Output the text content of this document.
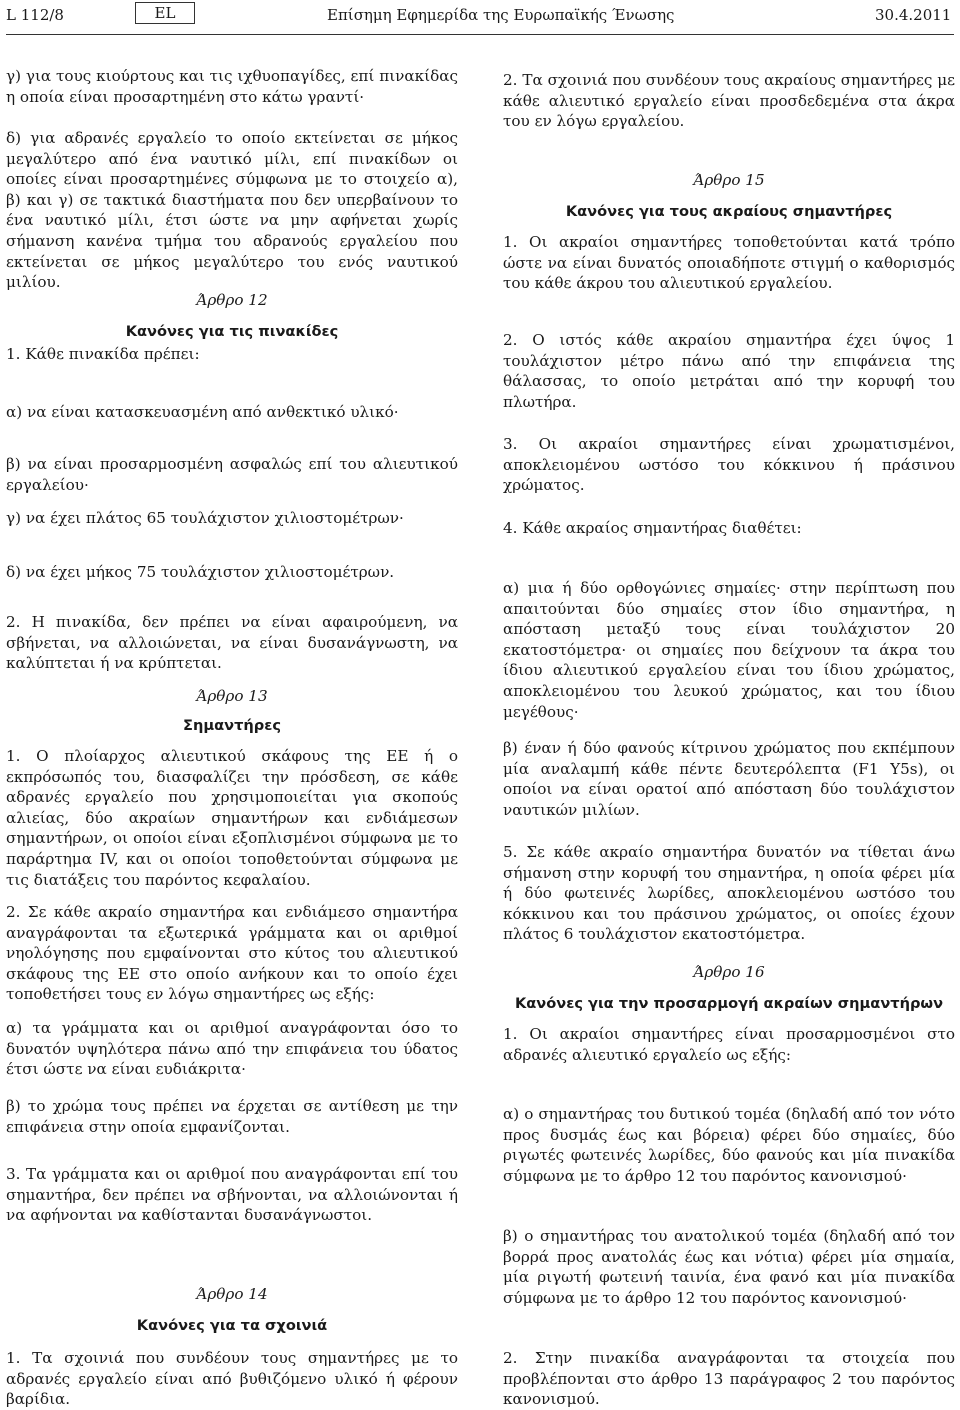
L 112/8	EL	Επίσημη Εφημερίδα της Ευρωπαϊκής Ένωσης	30.4.2011

γ) για τους κιούρτους και τις ιχθυοπαγίδες, επί πινακίδας η οποία είναι προσαρτημένη στο κάτω γραντί·

δ) για αδρανές εργαλείο το οποίο εκτείνεται σε μήκος μεγαλύτερο από ένα ναυτικό μίλι, επί πινακίδων οι οποίες είναι προσαρτημένες σύμφωνα με το στοιχείο α), β) και γ) σε τακτικά διαστήματα που δεν υπερβαίνουν το ένα ναυτικό μίλι, έτσι ώστε να μην αφήνεται χωρίς σήμανση κανένα τμήμα του αδρανούς εργαλείου που εκτείνεται σε μήκος μεγαλύτερο του ενός ναυτικού μιλίου.

Άρθρο 12

Κανόνες για τις πινακίδες

1. Κάθε πινακίδα πρέπει:

α) να είναι κατασκευασμένη από ανθεκτικό υλικό·

β) να είναι προσαρμοσμένη ασφαλώς επί του αλιευτικού εργαλείου·

γ) να έχει πλάτος 65 τουλάχιστον χιλιοστομέτρων·

δ) να έχει μήκος 75 τουλάχιστον χιλιοστομέτρων.

2. Η πινακίδα, δεν πρέπει να είναι αφαιρούμενη, να σβήνεται, να αλλοιώνεται, να είναι δυσανάγνωστη, να καλύπτεται ή να κρύπτεται.

Άρθρο 13

Σημαντήρες

1. Ο πλοίαρχος αλιευτικού σκάφους της ΕΕ ή ο εκπρόσωπός του, διασφαλίζει την πρόσδεση, σε κάθε αδρανές εργαλείο που χρησιμοποιείται για σκοπούς αλιείας, δύο ακραίων σημαντήρων και ενδιάμεσων σημαντήρων, οι οποίοι είναι εξοπλισμένοι σύμφωνα με το παράρτημα IV, και οι οποίοι τοποθετούνται σύμφωνα με τις διατάξεις του παρόντος κεφαλαίου.

2. Σε κάθε ακραίο σημαντήρα και ενδιάμεσο σημαντήρα αναγράφονται τα εξωτερικά γράμματα και οι αριθμοί νηολόγησης που εμφαίνονται στο κύτος του αλιευτικού σκάφους της ΕΕ στο οποίο ανήκουν και το οποίο έχει τοποθετήσει τους εν λόγω σημαντήρες ως εξής:

α) τα γράμματα και οι αριθμοί αναγράφονται όσο το δυνατόν υψηλότερα πάνω από την επιφάνεια του ύδατος έτσι ώστε να είναι ευδιάκριτα·

β) το χρώμα τους πρέπει να έρχεται σε αντίθεση με την επιφάνεια στην οποία εμφανίζονται.

3. Τα γράμματα και οι αριθμοί που αναγράφονται επί του σημαντήρα, δεν πρέπει να σβήνονται, να αλλοιώνονται ή να αφήνονται να καθίστανται δυσανάγνωστοι.

Άρθρο 14

Κανόνες για τα σχοινιά

1. Τα σχοινιά που συνδέουν τους σημαντήρες με το αδρανές εργαλείο είναι από βυθιζόμενο υλικό ή φέρουν βαρίδια.

2. Τα σχοινιά που συνδέουν τους ακραίους σημαντήρες με κάθε αλιευτικό εργαλείο είναι προσδεδεμένα στα άκρα του εν λόγω εργαλείου.

Άρθρο 15

Κανόνες για τους ακραίους σημαντήρες

1. Οι ακραίοι σημαντήρες τοποθετούνται κατά τρόπο ώστε να είναι δυνατός οποιαδήποτε στιγμή ο καθορισμός του κάθε άκρου του αλιευτικού εργαλείου.

2. Ο ιστός κάθε ακραίου σημαντήρα έχει ύψος 1 τουλάχιστον μέτρο πάνω από την επιφάνεια της θάλασσας, το οποίο μετράται από την κορυφή του πλωτήρα.

3. Οι ακραίοι σημαντήρες είναι χρωματισμένοι, αποκλειομένου ωστόσο του κόκκινου ή πράσινου χρώματος.

4. Κάθε ακραίος σημαντήρας διαθέτει:

α) μια ή δύο ορθογώνιες σημαίες· στην περίπτωση που απαιτούνται δύο σημαίες στον ίδιο σημαντήρα, η απόσταση μεταξύ τους είναι τουλάχιστον 20 εκατοστόμετρα· οι σημαίες που δείχνουν τα άκρα του ίδιου αλιευτικού εργαλείου είναι του ίδιου χρώματος, αποκλειομένου του λευκού χρώματος, και του ίδιου μεγέθους·

β) έναν ή δύο φανούς κίτρινου χρώματος που εκπέμπουν μία αναλαμπή κάθε πέντε δευτερόλεπτα (F1 Y5s), οι οποίοι να είναι ορατοί από απόσταση δύο τουλάχιστον ναυτικών μιλίων.

5. Σε κάθε ακραίο σημαντήρα δυνατόν να τίθεται άνω σήμανση στην κορυφή του σημαντήρα, η οποία φέρει μία ή δύο φωτεινές λωρίδες, αποκλειομένου ωστόσο του κόκκινου και του πράσινου χρώματος, οι οποίες έχουν πλάτος 6 τουλάχιστον εκατοστόμετρα.

Άρθρο 16

Κανόνες για την προσαρμογή ακραίων σημαντήρων

1. Οι ακραίοι σημαντήρες είναι προσαρμοσμένοι στο αδρανές αλιευτικό εργαλείο ως εξής:

α) ο σημαντήρας του δυτικού τομέα (δηλαδή από τον νότο προς δυσμάς έως και βόρεια) φέρει δύο σημαίες, δύο ριγωτές φωτεινές λωρίδες, δύο φανούς και μία πινακίδα σύμφωνα με το άρθρο 12 του παρόντος κανονισμού·

β) ο σημαντήρας του ανατολικού τομέα (δηλαδή από τον βορρά προς ανατολάς έως και νότια) φέρει μία σημαία, μία ριγωτή φωτεινή ταινία, ένα φανό και μία πινακίδα σύμφωνα με το άρθρο 12 του παρόντος κανονισμού·

2. Στην πινακίδα αναγράφονται τα στοιχεία που προβλέπονται στο άρθρο 13 παράγραφος 2 του παρόντος κανονισμού.
